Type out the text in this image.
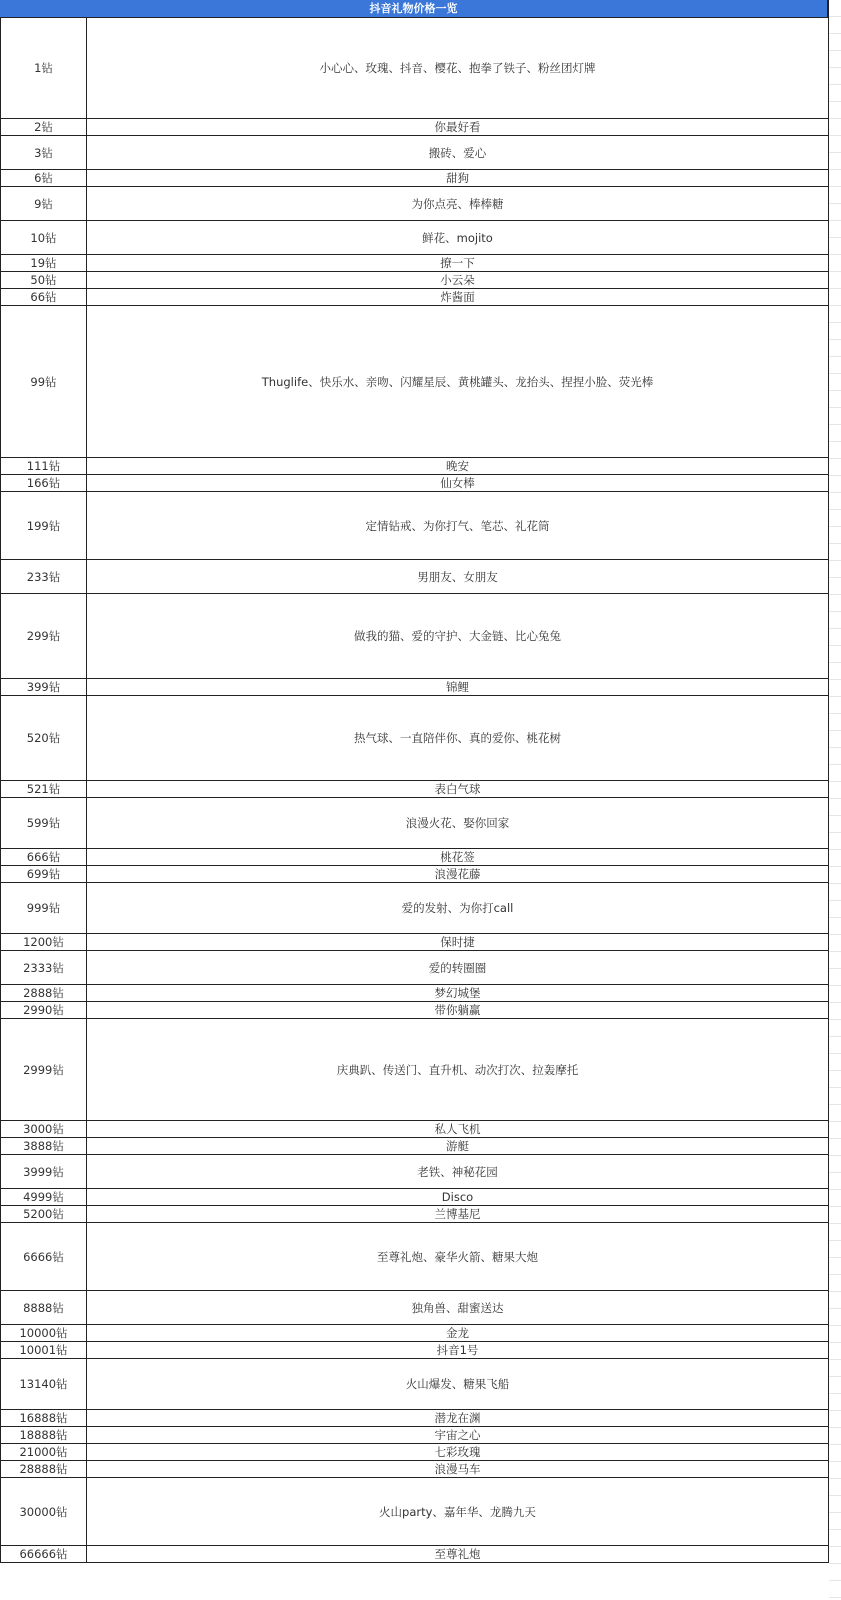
抖音礼物价格一览
1钻	小心心、玫瑰、抖音、樱花、抱拳了铁子、粉丝团灯牌
2钻	你最好看
3钻	搬砖、爱心
6钻	甜狗
9钻	为你点亮、棒棒糖
10钻	鲜花、mojito
19钻	撩一下
50钻	小云朵
66钻	炸酱面
99钻	Thuglife、快乐水、亲吻、闪耀星辰、黄桃罐头、龙抬头、捏捏小脸、荧光棒
111钻	晚安
166钻	仙女棒
199钻	定情钻戒、为你打气、笔芯、礼花筒
233钻	男朋友、女朋友
299钻	做我的猫、爱的守护、大金链、比心兔兔
399钻	锦鲤
520钻	热气球、一直陪伴你、真的爱你、桃花树
521钻	表白气球
599钻	浪漫火花、娶你回家
666钻	桃花签
699钻	浪漫花藤
999钻	爱的发射、为你打call
1200钻	保时捷
2333钻	爱的转圈圈
2888钻	梦幻城堡
2990钻	带你躺赢
2999钻	庆典趴、传送门、直升机、动次打次、拉轰摩托
3000钻	私人飞机
3888钻	游艇
3999钻	老铁、神秘花园
4999钻	Disco
5200钻	兰博基尼
6666钻	至尊礼炮、豪华火箭、糖果大炮
8888钻	独角兽、甜蜜送达
10000钻	金龙
10001钻	抖音1号
13140钻	火山爆发、糖果飞船
16888钻	潜龙在渊
18888钻	宇宙之心
21000钻	七彩玫瑰
28888钻	浪漫马车
30000钻	火山party、嘉年华、龙腾九天
66666钻	至尊礼炮
